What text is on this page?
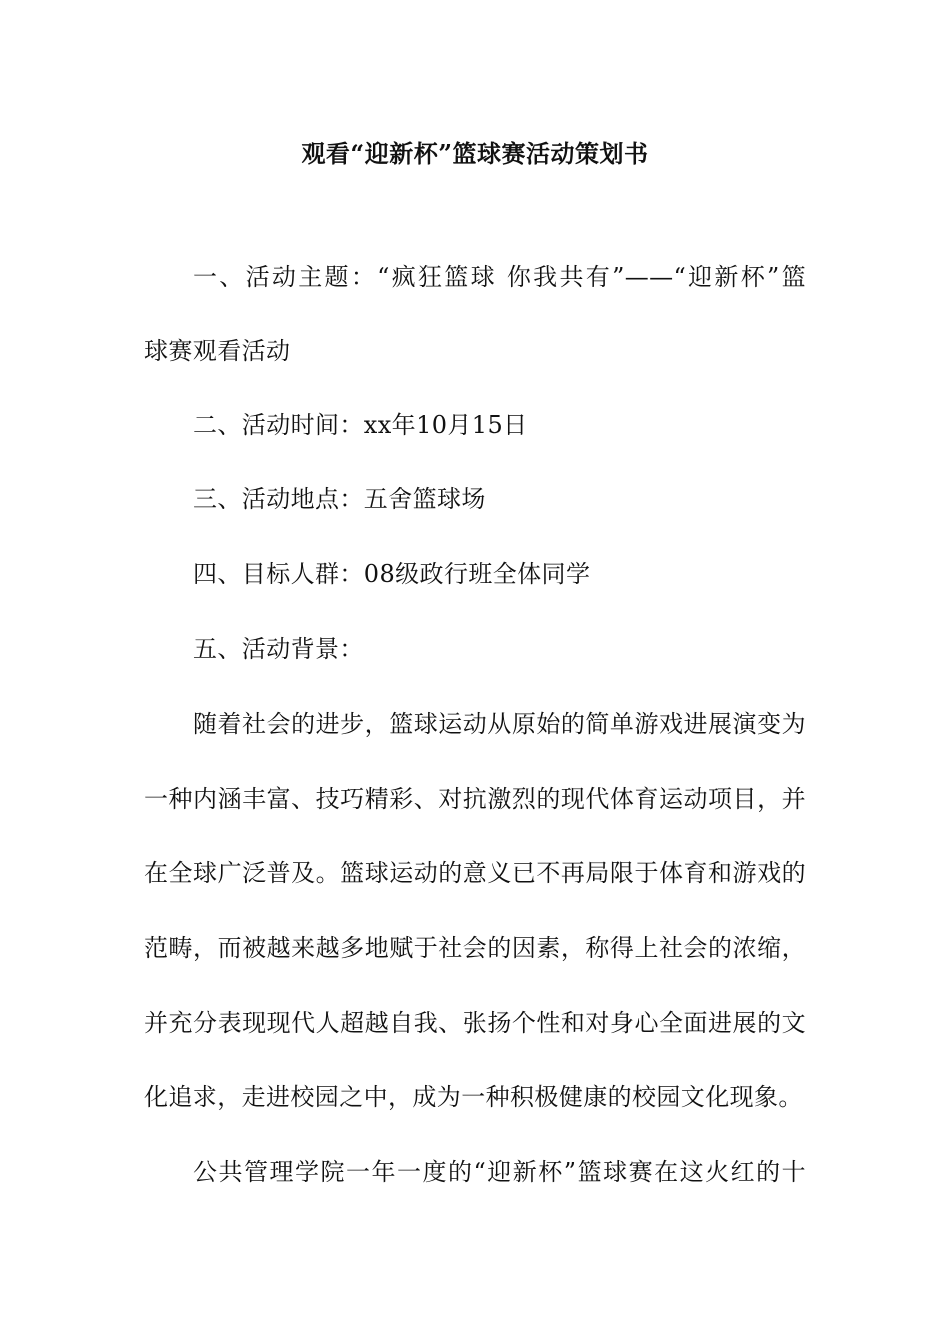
观看“迎新杯”篮球赛活动策划书
一、活动主题：“疯狂篮球 你我共有”——“迎新杯”篮
球赛观看活动
二、活动时间：xx年10月15日
三、活动地点：五舍篮球场
四、目标人群：08级政行班全体同学
五、活动背景：
随着社会的进步，篮球运动从原始的简单游戏进展演变为
一种内涵丰富、技巧精彩、对抗激烈的现代体育运动项目，并
在全球广泛普及。篮球运动的意义已不再局限于体育和游戏的
范畴，而被越来越多地赋于社会的因素，称得上社会的浓缩，
并充分表现现代人超越自我、张扬个性和对身心全面进展的文
化追求，走进校园之中，成为一种积极健康的校园文化现象。
公共管理学院一年一度的“迎新杯”篮球赛在这火红的十
